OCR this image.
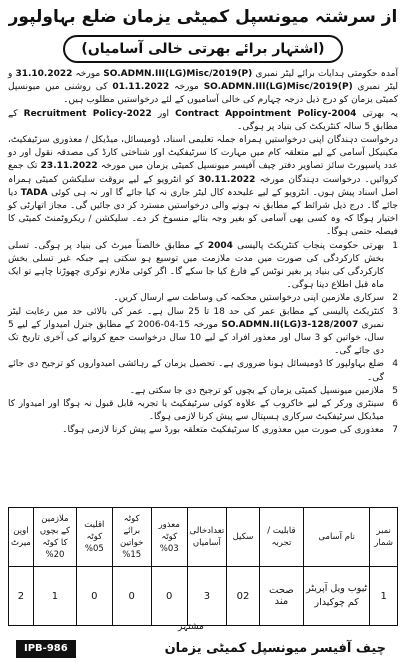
از سرشتہ میونسپل کمیٹی یزمان ضلع بہاولپور
(اشتہار برائے بھرتی خالی آسامیاں)

آمدہ حکومتی ہدایات برائے لیٹر نمبری SO.ADMN.III(LG)Misc/2019(P) مورخہ 31.10.2022 و لیٹر نمبری SO.ADMN.III(LG)Misc/2019(P) مورخہ 01.11.2022 کی روشنی میں میونسپل کمیٹی یزمان کو درج ذیل درجہ چہارم کی خالی آسامیوں کے لئے درخواستیں مطلوب ہیں۔

یہ بھرتی Contract Appointment Policy-2004 اور Recruitment Policy-2022 کے مطابق 5 سالہ کنٹریکٹ کی بنیاد پر ہوگی۔

درخواست دہندگان اپنی درخواستیں ہمراہ جملہ تعلیمی اسناد، ڈومیسائل، میڈیکل / معذوری سرٹیفکیٹ، مکینیکل آسامی کے لیے متعلقہ کام میں مہارت کا سرٹیفکیٹ اور شناختی کارڈ کی مصدقہ نقول اور دو عدد پاسپورٹ سائز تصاویر دفتر چیف آفیسر میونسپل کمیٹی یزمان میں مورخہ 23.11.2022 تک جمع کروائیں۔ درخواست دہندگان مورخہ 30.11.2022 کو انٹرویو کے لیے بروقت سلیکشن کمیٹی ہمراہ اصل اسناد پیش ہوں۔ انٹرویو کے لیے علیحدہ کال لیٹر جاری نہ کیا جائے گا اور نہ ہی کوئی TADA دیا جائے گا۔ درج ذیل شرائط کے مطابق نہ ہونے والی درخواستیں مسترد کر دی جائیں گی۔ مجاز اتھارٹی کو اختیار ہوگا کہ وہ کسی بھی آسامی کو بغیر وجہ بتائے منسوخ کر دے۔ سلیکشن / ریکروٹمنٹ کمیٹی کا فیصلہ حتمی ہوگا۔

1
بھرتی حکومت پنجاب کنٹریکٹ پالیسی 2004 کے مطابق خالصتاً میرٹ کی بنیاد پر ہوگی۔ تسلی بخش کارکردگی کی صورت میں مدت ملازمت میں توسیع ہو سکتی ہے جبکہ غیر تسلی بخش کارکردگی کی بنیاد پر بغیر نوٹس کے فارغ کیا جا سکے گا۔ اگر کوئی ملازم نوکری چھوڑنا چاہے تو ایک ماہ قبل اطلاع دینا ہوگی۔
2
سرکاری ملازمین اپنی درخواستیں محکمہ کی وساطت سے ارسال کریں۔
3
کنٹریکٹ پالیسی کے مطابق عمر کی حد 18 تا 25 سال ہے۔ عمر کی بالائی حد میں رعایت لیٹر نمبری SO.ADMN.II(LG)3-128/2007 مورخہ 15-04-2006 کے مطابق جنرل امیدوار کے لیے 5 سال، خواتین کو 3 سال اور معذور افراد کے لیے 10 سال درخواست جمع کروانے کی آخری تاریخ تک دی جائے گی۔
4
ضلع بہاولپور کا ڈومیسائل ہونا ضروری ہے۔ تحصیل یزمان کے رہائشی امیدواروں کو ترجیح دی جائے گی۔
5
ملازمین میونسپل کمیٹی یزمان کے بچوں کو ترجیح دی جا سکتی ہے۔
6
سینٹری ورکر کے لیے خاکروب کے علاوہ کوئی سرٹیفکیٹ یا تجربہ قابل قبول نہ ہوگا اور امیدوار کا میڈیکل سرٹیفکیٹ سرکاری ہسپتال سے پیش کرنا لازمی ہوگا۔
7
معذوری کی صورت میں معذوری کا سرٹیفکیٹ متعلقہ بورڈ سے پیش کرنا لازمی ہوگا۔
نمبر شمار	نام آسامی	قابلیت / تجربہ	سکیل	تعدادخالی آسامیاں	معذور کوٹہ 03%	کوٹہ برائے خواتین 15%	اقلیت کوٹہ 05%	ملازمین کے بچوں کا کوٹہ 20%	اوپن میرٹ
1	ٹیوب ویل آپریٹر کم چوکیدار	صحت مند	02	3	0	0	0	1	2
مشتہر
IPB-986	چیف آفیسر میونسپل کمیٹی یزمان
